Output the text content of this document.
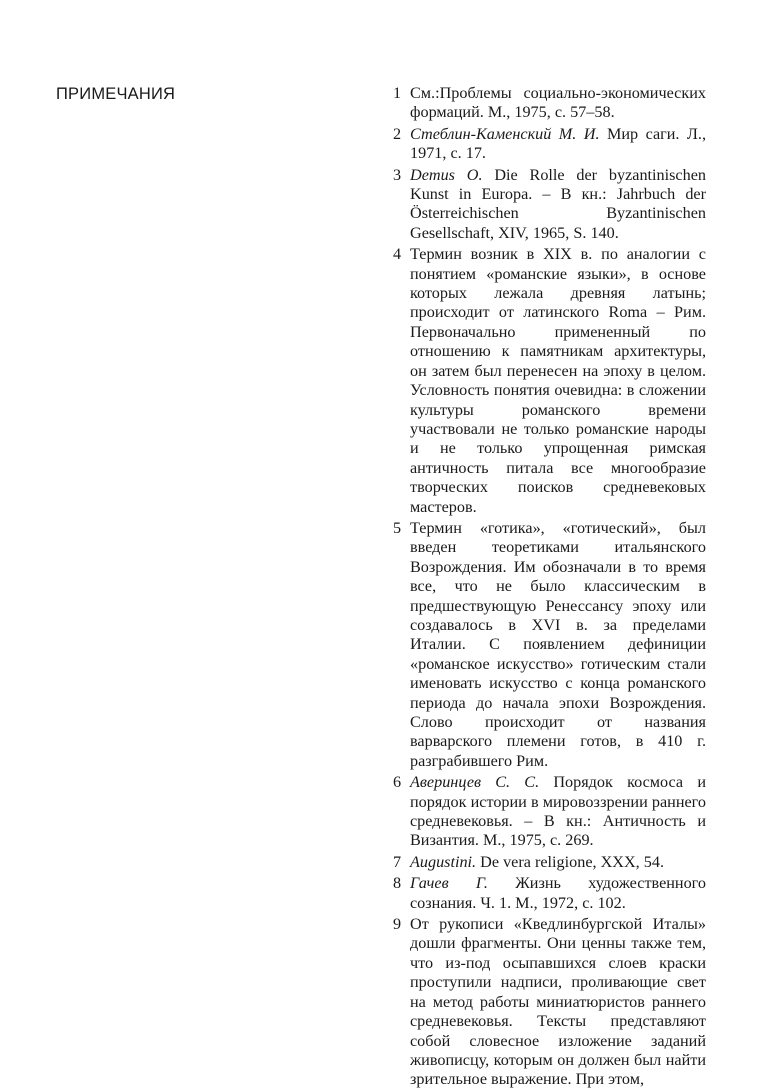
ПРИМЕЧАНИЯ	1 См.:Проблемы социально-экономических формаций. М., 1975, с. 57–58.
2 Стеблин-Каменский М. И. Мир саги. Л., 1971, с. 17.
3 Demus O. Die Rolle der byzantinischen Kunst in Europa. – В кн.: Jahrbuch der Österreichischen Byzantinischen Gesellschaft, XIV, 1965, S. 140.
4 Термин возник в XIX в. по аналогии с понятием «романские языки», в основе которых лежала древняя латынь; происходит от латинского Roma – Рим. Первоначально примененный по отношению к памятникам архитектуры, он затем был перенесен на эпоху в целом. Условность понятия очевидна: в сложении культуры романского времени участвовали не только романские народы и не только упрощенная римская античность питала все многообразие творческих поисков средневековых мастеров.
5 Термин «готика», «готический», был введен теоретиками итальянского Возрождения. Им обозначали в то время все, что не было классическим в предшествующую Ренессансу эпоху или создавалось в XVI в. за пределами Италии. С появлением дефиниции «романское искусство» готическим стали именовать искусство с конца романского периода до начала эпохи Возрождения. Слово происходит от названия варварского племени готов, в 410 г. разграбившего Рим.
6 Аверинцев С. С. Порядок космоса и порядок истории в мировоззрении раннего средневековья. – В кн.: Античность и Византия. М., 1975, с. 269.
7 Augustini. De vera religione, XXX, 54.
8 Гачев Г. Жизнь художественного сознания. Ч. 1. М., 1972, с. 102.
9 От рукописи «Кведлинбургской Италы» дошли фрагменты. Они ценны также тем, что из-под осыпавшихся слоев краски проступили надписи, проливающие свет на метод работы миниатюристов раннего средневековья. Тексты представляют собой словесное изложение заданий живописцу, которым он должен был найти зрительное выражение. При этом,
